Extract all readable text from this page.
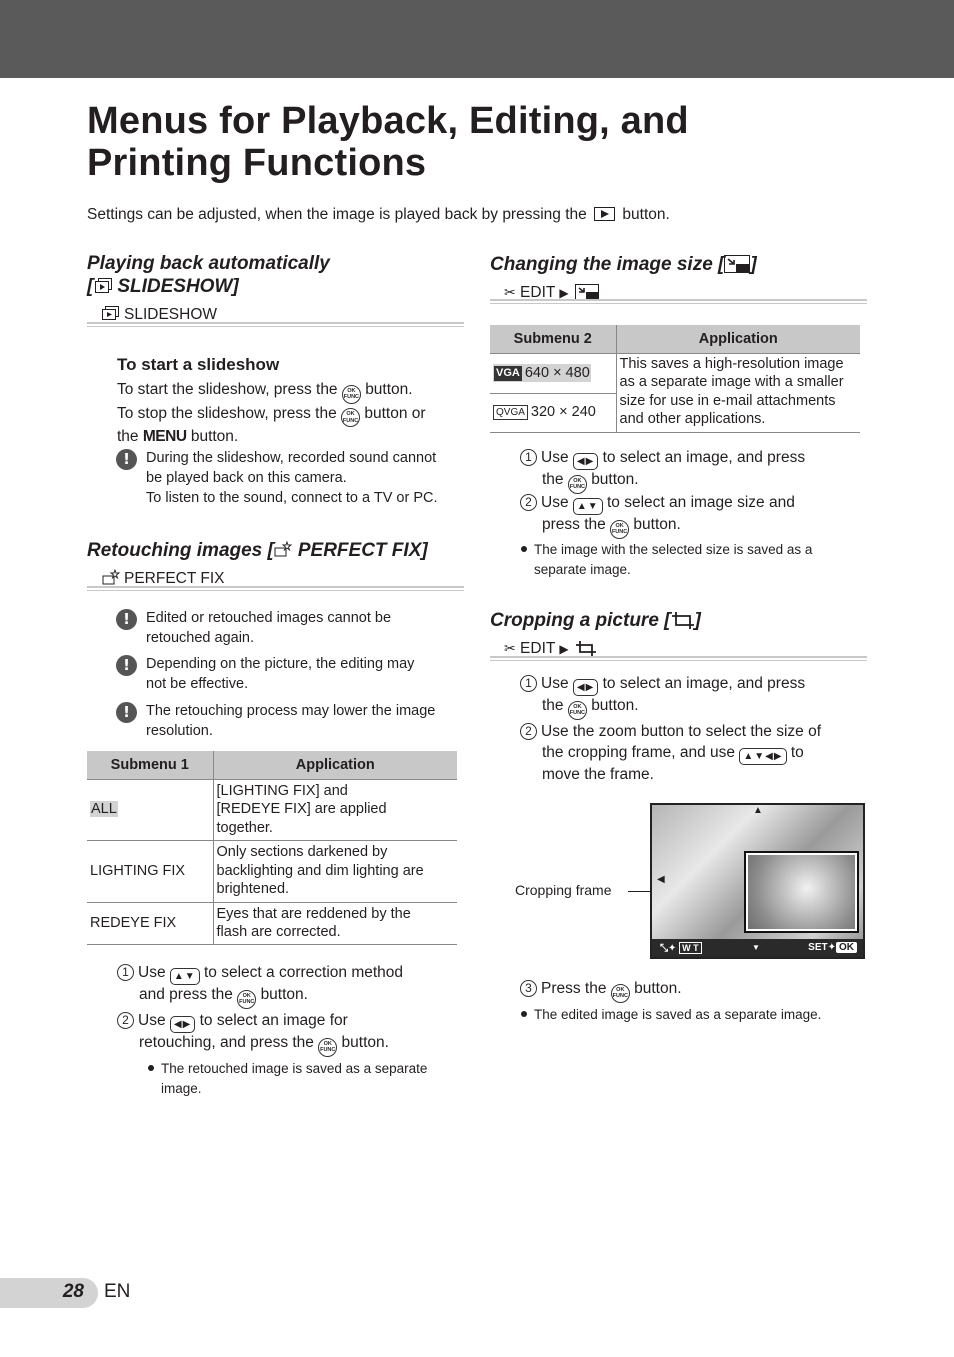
Menus for Playback, Editing, and
Printing Functions
Settings can be adjusted, when the image is played back by pressing the button.
Playing back automatically
[ SLIDESHOW]
SLIDESHOW
To start a slideshow
To start the slideshow, press the OK
FUNC button.
To stop the slideshow, press the OK
FUNC button or
the MENU button.
!	During the slideshow, recorded sound cannot
be played back on this camera.
To listen to the sound, connect to a TV or PC.
Retouching images [ PERFECT FIX]
PERFECT FIX
!	Edited or retouched images cannot be
retouched again.
!	Depending on the picture, the editing may
not be effective.
!	The retouching process may lower the image
resolution.
Submenu 1	Application
ALL	[LIGHTING FIX] and
[REDEYE FIX] are applied
together.

LIGHTING FIX	Only sections darkened by
backlighting and dim lighting are
brightened.

REDEYE FIX	Eyes that are reddened by the
flash are corrected.
1 Use ▲▼ to select a correction method
and press the OK
FUNC button.
2 Use ◀▶ to select an image for
retouching, and press the OK
FUNC button.
The retouched image is saved as a separate
image.
Changing the image size [ ]
✂ EDIT ▶
Submenu 2	Application
VGA 640 × 480	This saves a high-resolution image
as a separate image with a smaller
size for use in e-mail attachments
and other applications.

QVGA 320 × 240	
1 Use ◀▶ to select an image, and press
the OK
FUNC button.
2 Use ▲▼ to select an image size and
press the OK
FUNC button.
The image with the selected size is saved as a
separate image.
Cropping a picture [ ]
✂ EDIT ▶
1 Use ◀▶ to select an image, and press
the OK
FUNC button.
2 Use the zoom button to select the size of
the cropping frame, and use ▲▼◀▶ to
move the frame.
Cropping frame
▲
◀
⤡✦ W T	▼	SET✦ OK
3 Press the OK
FUNC button.
The edited image is saved as a separate image.
28 EN
